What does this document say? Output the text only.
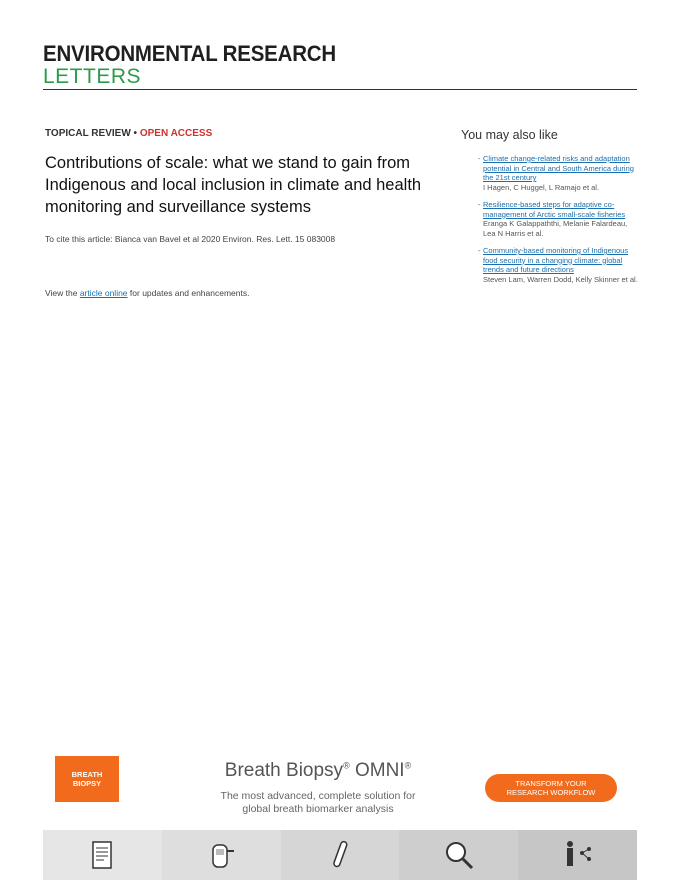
ENVIRONMENTAL RESEARCH
LETTERS
TOPICAL REVIEW • OPEN ACCESS
Contributions of scale: what we stand to gain from Indigenous and local inclusion in climate and health monitoring and surveillance systems
To cite this article: Bianca van Bavel et al 2020 Environ. Res. Lett. 15 083008
View the article online for updates and enhancements.
You may also like
- Climate change-related risks and adaptation potential in Central and South America during the 21st century
I Hagen, C Huggel, L Ramajo et al.
- Resilience-based steps for adaptive co-management of Arctic small-scale fisheries
Eranga K Galappaththi, Melanie Falardeau, Lea N Harris et al.
- Community-based monitoring of Indigenous food security in a changing climate: global trends and future directions
Steven Lam, Warren Dodd, Kelly Skinner et al.
BREATH
BIOPSY
Breath Biopsy® OMNI®
The most advanced, complete solution for
global breath biomarker analysis
TRANSFORM YOUR
RESEARCH WORKFLOW
